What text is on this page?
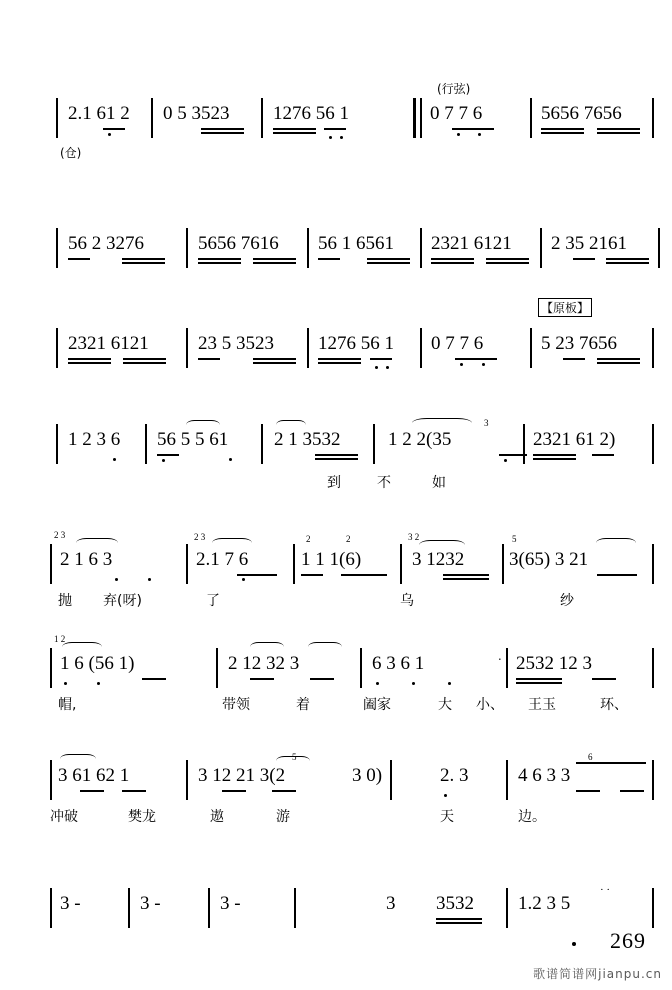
(行弦)
2.1 61 2 0 5 3523 1276 56 1	0 7 7 6	5656 7656
(仓)
56 2 3276	5656 7616 56 1 6561 2321 6121 2 35 2161
【原板】
2321 6121	23 5 3523 1276 56 1 0 7 7 6	5 23 7656
1 2 3 6 56 5 5 61 2 1 3532	1 2 2(35
3
2321 61 2)
到	不	如
2 3
2 1 6 3
2 3
2.1 7 6
2	2
1 1 1(6)
3 2
3 1232
5
3(65) 3 21
抛 弃(呀)	了	乌	纱
1 2
1 6 (56 1)	2 12 32 3	6 3 6 1	․ 2532 12 3
帽,	带领	着	阖家	大 小、 王玉	环、
3 61 62 1	3 12 21 3(2
5
3 0)	2. 3	4 6 3 3
6
冲破	樊龙	遨	游	天	边。
3 -	3 -	3 -	3 3532 1.2 3 5
· ·
269
歌谱简谱网jianpu.cn
